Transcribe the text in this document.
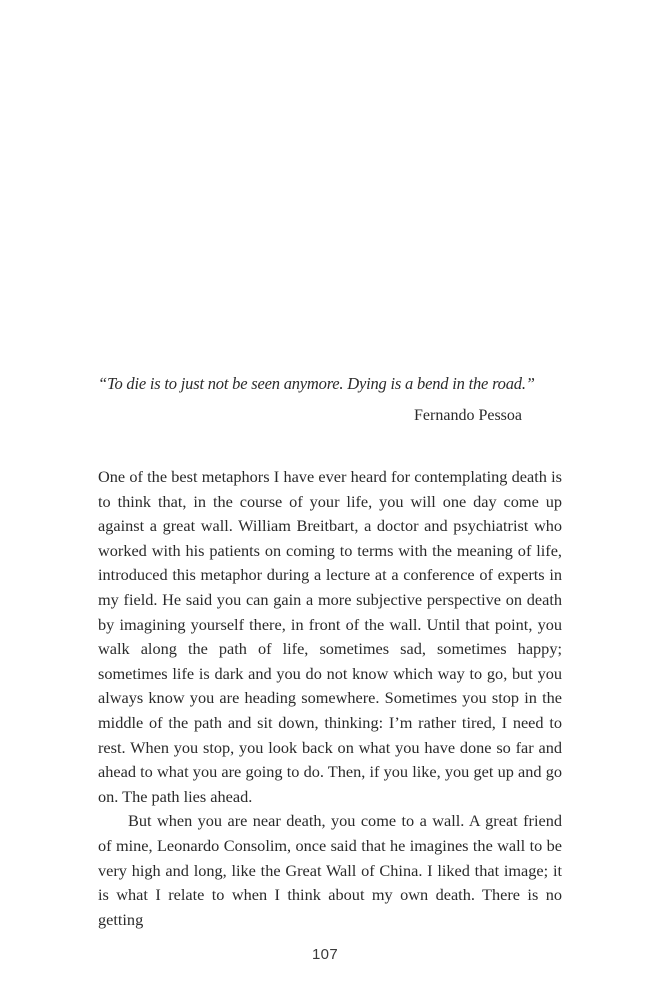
“To die is to just not be seen anymore. Dying is a bend in the road.”

Fernando Pessoa

One of the best metaphors I have ever heard for contemplating death is to think that, in the course of your life, you will one day come up against a great wall. William Breitbart, a doctor and psychiatrist who worked with his patients on coming to terms with the meaning of life, introduced this metaphor during a lecture at a conference of experts in my field. He said you can gain a more subjective perspective on death by imagining yourself there, in front of the wall. Until that point, you walk along the path of life, sometimes sad, sometimes happy; sometimes life is dark and you do not know which way to go, but you always know you are heading somewhere. Sometimes you stop in the middle of the path and sit down, thinking: I’m rather tired, I need to rest. When you stop, you look back on what you have done so far and ahead to what you are going to do. Then, if you like, you get up and go on. The path lies ahead.

But when you are near death, you come to a wall. A great friend of mine, Leonardo Consolim, once said that he imagines the wall to be very high and long, like the Great Wall of China. I liked that image; it is what I relate to when I think about my own death. There is no getting

107
